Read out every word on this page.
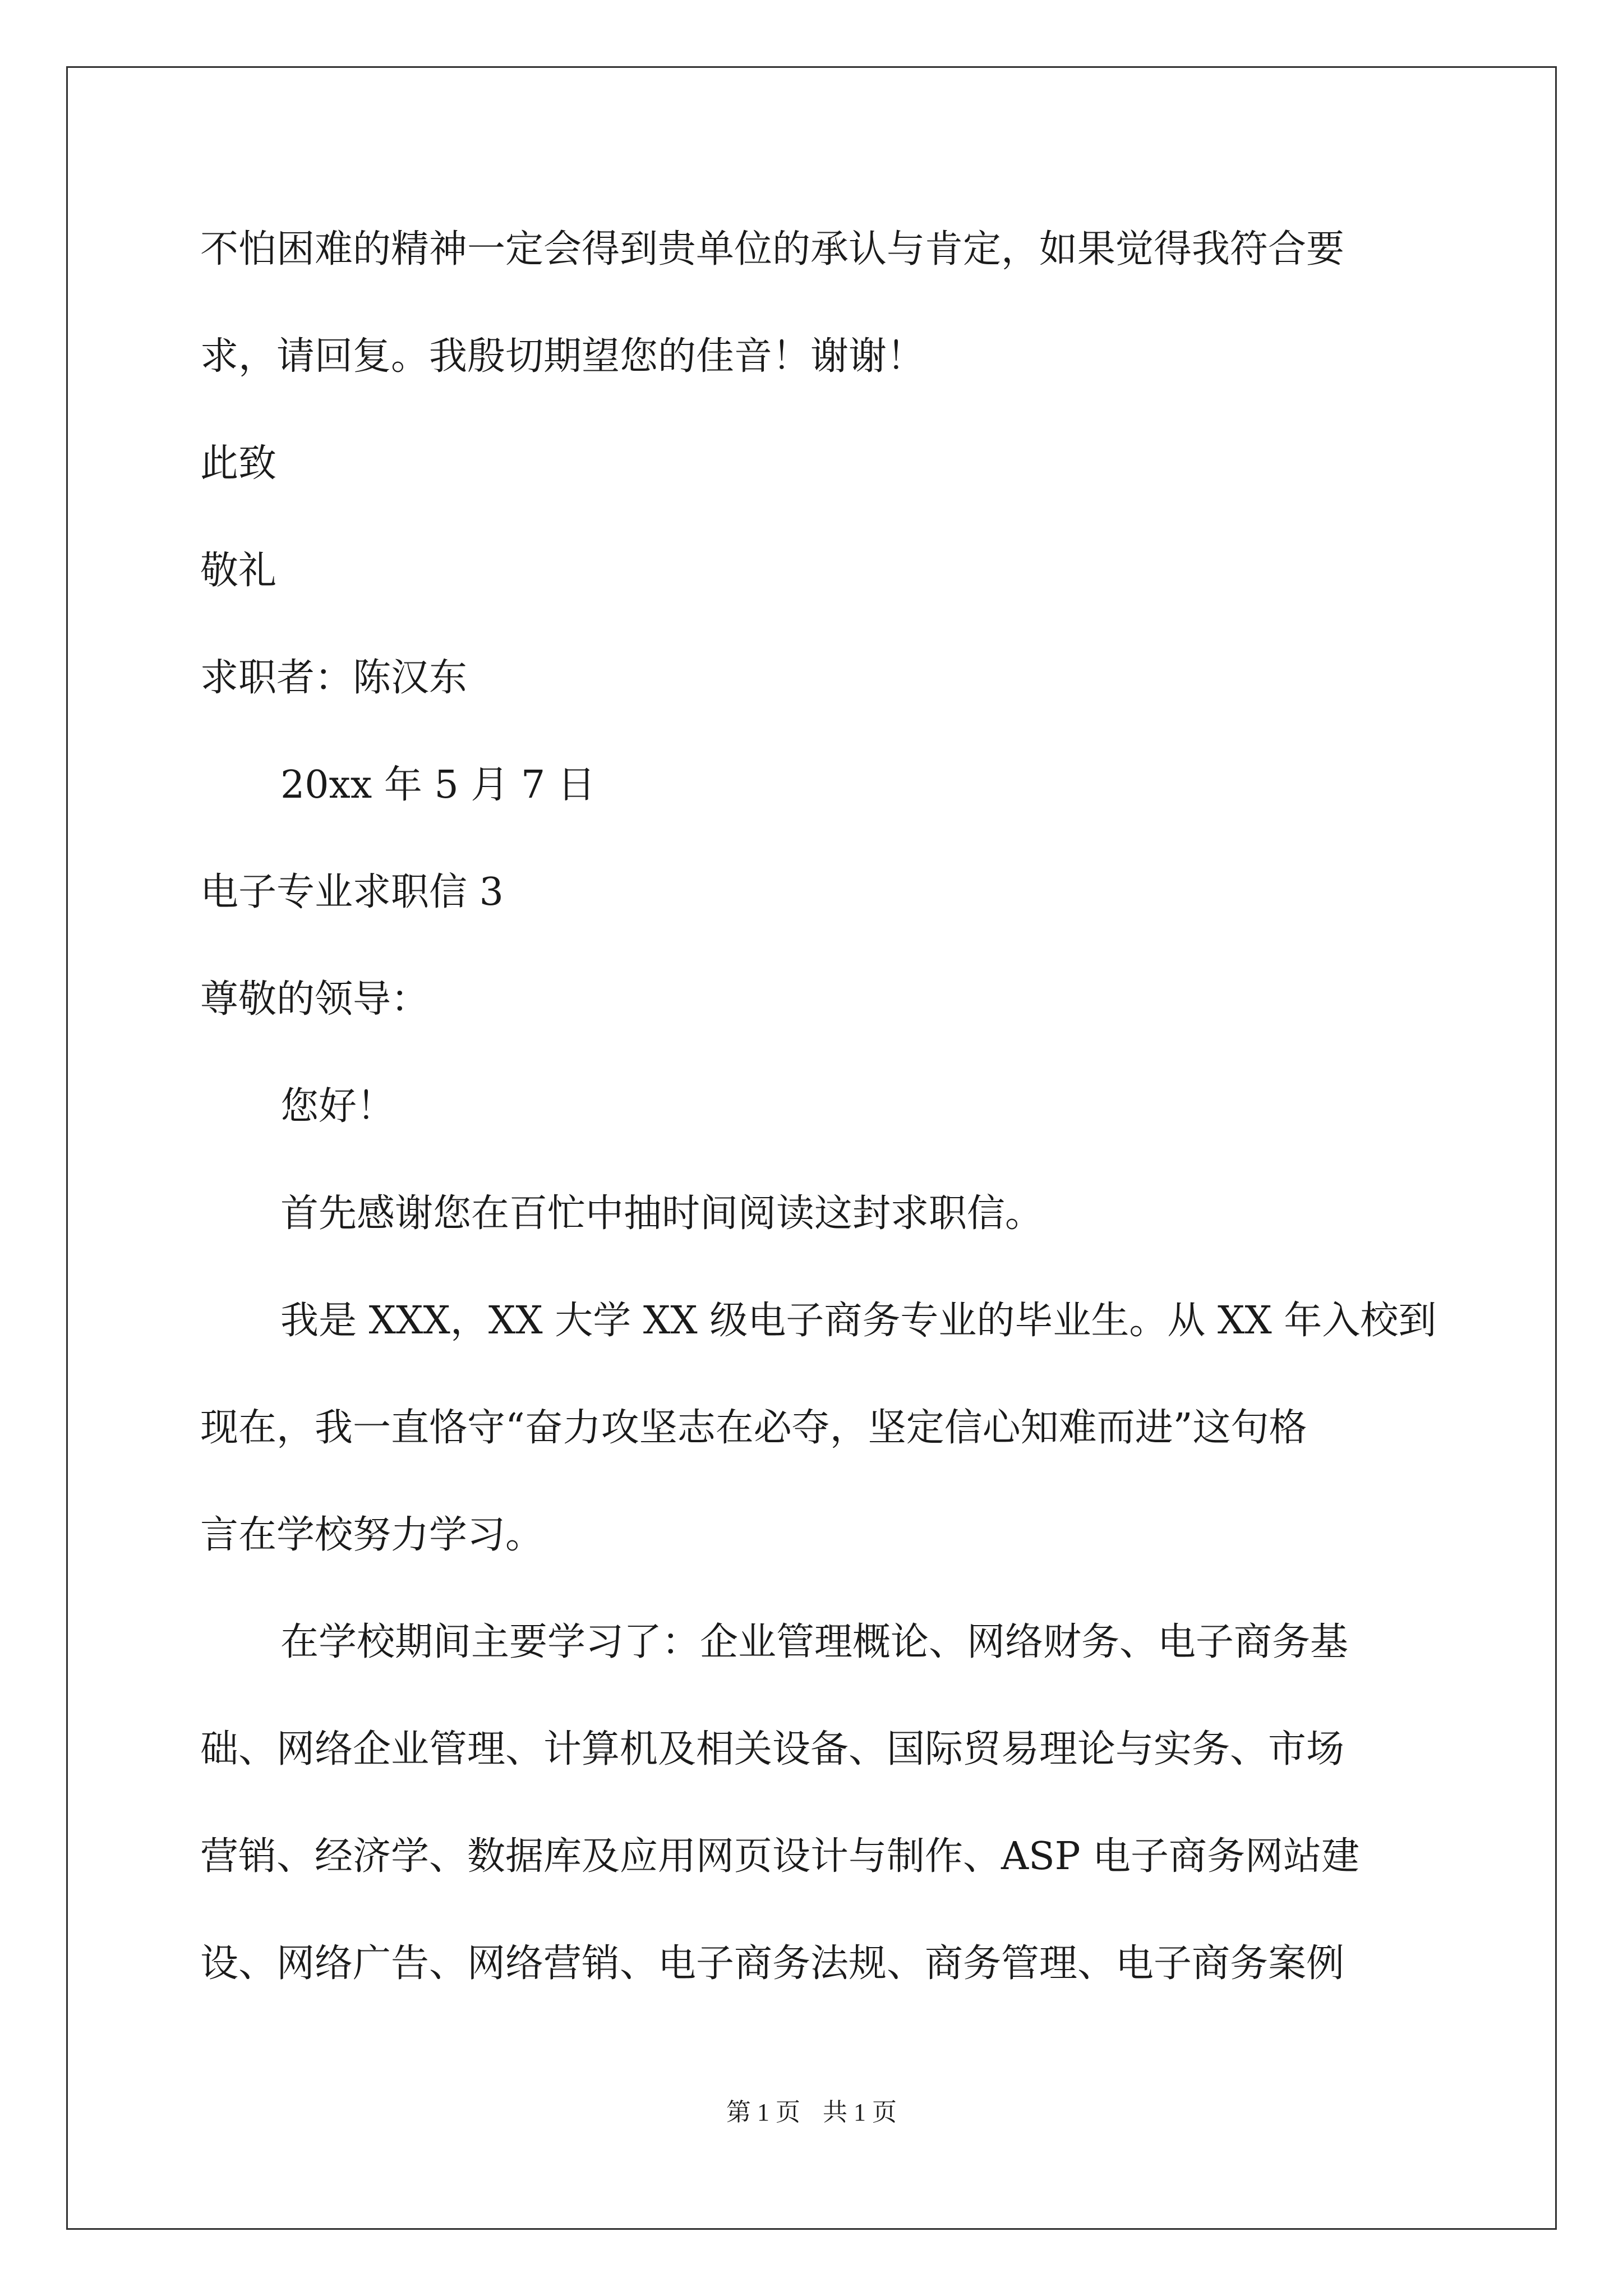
不怕困难的精神一定会得到贵单位的承认与肯定，如果觉得我符合要
求，请回复。我殷切期望您的佳音！谢谢！
此致
敬礼
求职者：陈汉东
20xx 年 5 月 7 日
电子专业求职信 3
尊敬的领导：
您好！
首先感谢您在百忙中抽时间阅读这封求职信。
我是 XXX，XX 大学 XX 级电子商务专业的毕业生。从 XX 年入校到
现在，我一直恪守“奋力攻坚志在必夺，坚定信心知难而进”这句格
言在学校努力学习。
在学校期间主要学习了：企业管理概论、网络财务、电子商务基
础、网络企业管理、计算机及相关设备、国际贸易理论与实务、市场
营销、经济学、数据库及应用网页设计与制作、ASP 电子商务网站建
设、网络广告、网络营销、电子商务法规、商务管理、电子商务案例
第 1 页 共 1 页
